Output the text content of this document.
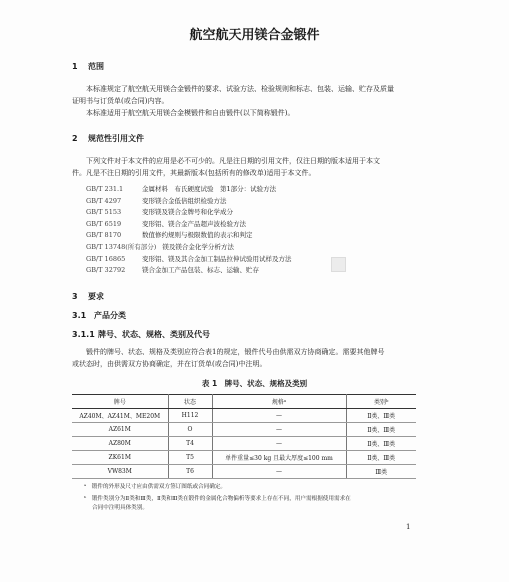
航空航天用镁合金锻件
1 范围
本标准规定了航空航天用镁合金锻件的要求、试验方法、检验规则和标志、包装、运输、贮存及质量
证明书与订货单(或合同)内容。
本标准适用于航空航天用镁合金模锻件和自由锻件(以下简称锻件)。
2 规范性引用文件
下列文件对于本文件的应用是必不可少的。凡是注日期的引用文件，仅注日期的版本适用于本文
件。凡是不注日期的引用文件，其最新版本(包括所有的修改单)适用于本文件。
GB/T 231.1	金属材料　布氏硬度试验　第1部分：试验方法
GB/T 4297	变形镁合金低倍组织检验方法
GB/T 5153	变形镁及镁合金牌号和化学成分
GB/T 6519	变形铝、镁合金产品超声波检验方法
GB/T 8170	数值修约规则与极限数值的表示和判定
GB/T 13748(所有部分) 镁及镁合金化学分析方法
GB/T 16865	变形铝、镁及其合金加工制品拉伸试验用试样及方法
GB/T 32792	镁合金加工产品包装、标志、运输、贮存
3 要求
3.1 产品分类
3.1.1 牌号、状态、规格、类别及代号
锻件的牌号、状态、规格及类别应符合表1的规定，锻件代号由供需双方协商确定。需要其他牌号
或状态时，由供需双方协商确定，并在订货单(或合同)中注明。
表 1　牌号、状态、规格及类别
牌号	状态	规格ᵃ	类别ᵇ
AZ40M、AZ41M、ME20M	H112	—	Ⅱ类、Ⅲ类
AZ61M	O	—	Ⅱ类、Ⅲ类
AZ80M	T4	—	Ⅱ类、Ⅲ类
ZK61M	T5	单件重量≤30 kg 且最大厚度≤100 mm	Ⅱ类、Ⅲ类
VW83M	T6	—	Ⅲ类
ᵃ　锻件的外形及尺寸应由供需双方签订图纸或合同确定。
ᵇ　锻件类别分为Ⅱ类和Ⅲ类，Ⅱ类和Ⅲ类在锻件的金属化合物偏析等要求上存在不同，用户需根据使用需求在
合同中注明具体类别。
1
